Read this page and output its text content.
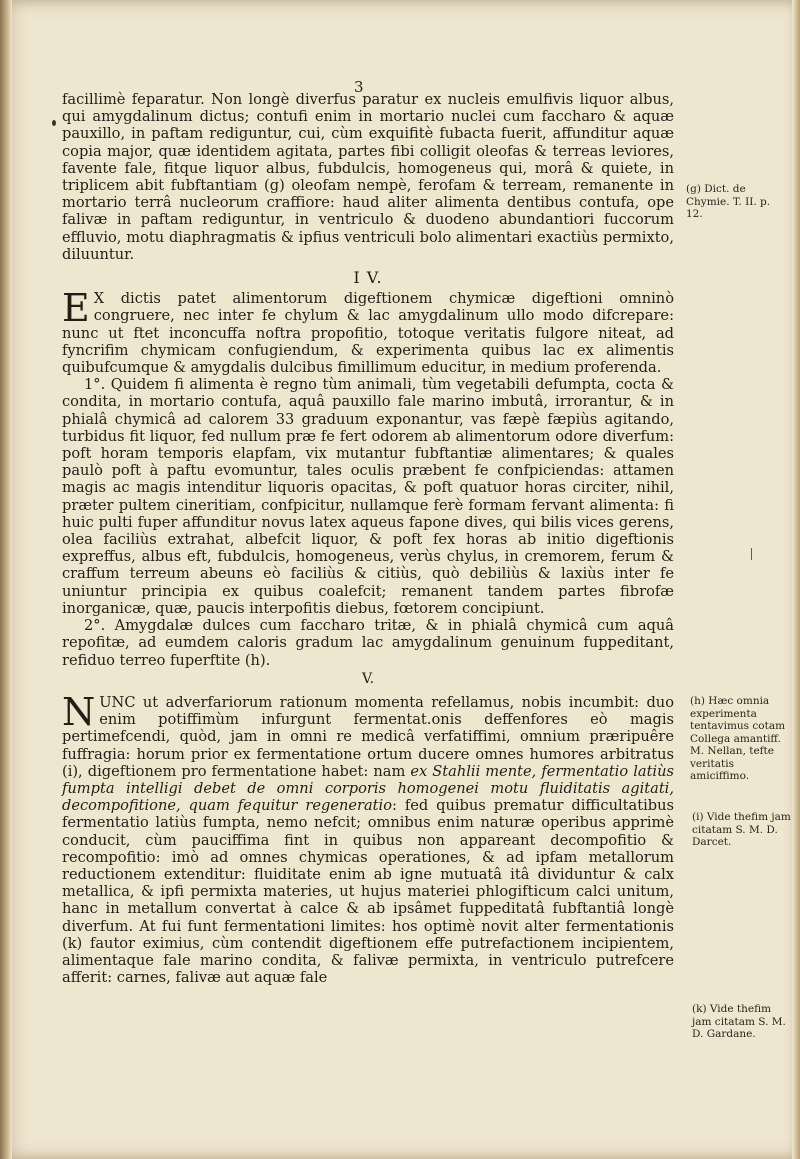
3

facillimè feparatur. Non longè diverfus paratur ex nucleis emulfivis liquor albus, qui amygdalinum dictus; contufi enim in mortario nuclei cum faccharo & aquæ pauxillo, in paftam rediguntur, cui, cùm exquifitè fubacta fuerit, affunditur aquæ copia major, quæ identidem agitata, partes fibi colligit oleofas & terreas leviores, favente fale, fitque liquor albus, fubdulcis, homogeneus qui, morâ & quiete, in triplicem abit fubftantiam (g) oleofam nempè, ferofam & terream, remanente in mortario terrâ nucleorum craffiore: haud aliter alimenta dentibus contufa, ope falivæ in paftam rediguntur, in ventriculo & duodeno abundantiori fuccorum effluvio, motu diaphragmatis & ipfius ventriculi bolo alimentari exactiùs permixto, diluuntur.

I V.

E X dictis patet alimentorum digeftionem chymicæ digeftioni omninò congruere, nec inter fe chylum & lac amygdalinum ullo modo difcrepare: nunc ut ftet inconcuffa noftra propofitio, totoque veritatis fulgore niteat, ad fyncrifim chymicam confugiendum, & experimenta quibus lac ex alimentis quibufcumque & amygdalis dulcibus fimillimum educitur, in medium proferenda.

1°. Quidem fi alimenta è regno tùm animali, tùm vegetabili defumpta, cocta & condita, in mortario contufa, aquâ pauxillo fale marino imbutâ, irrorantur, & in phialâ chymicâ ad calorem 33 graduum exponantur, vas fæpè fæpiùs agitando, turbidus fit liquor, fed nullum præ fe fert odorem ab alimentorum odore diverfum: poft horam temporis elapfam, vix mutantur fubftantiæ alimentares; & quales paulò poft à paftu evomuntur, tales oculis præbent fe confpiciendas: attamen magis ac magis intenditur liquoris opacitas, & poft quatuor horas circiter, nihil, præter pultem cineritiam, confpicitur, nullamque ferè formam fervant alimenta: fi huic pulti fuper affunditur novus latex aqueus fapone dives, qui bilis vices gerens, olea faciliùs extrahat, albefcit liquor, & poft fex horas ab initio digeftionis expreffus, albus eft, fubdulcis, homogeneus, verùs chylus, in cremorem, ferum & craffum terreum abeuns eò faciliùs & citiùs, quò debiliùs & laxiùs inter fe uniuntur principia ex quibus coalefcit; remanent tandem partes fibrofæ inorganicæ, quæ, paucis interpofitis diebus, fœtorem concipiunt.

2°. Amygdalæ dulces cum faccharo tritæ, & in phialâ chymicâ cum aquâ repofitæ, ad eumdem caloris gradum lac amygdalinum genuinum fuppeditant, refiduo terreo fuperftite (h).

V.

N UNC ut adverfariorum rationum momenta refellamus, nobis incumbit: duo enim potiffimùm infurgunt fermentat.onis deffenfores eò magis pertimefcendi, quòd, jam in omni re medicâ verfatiffimi, omnium præripuêre fuffragia: horum prior ex fermentatione ortum ducere omnes humores arbitratus (i), digeftionem pro fermentatione habet: nam ex Stahlii mente, fermentatio latiùs fumpta intelligi debet de omni corporis homogenei motu fluiditatis agitati, decompofitione, quam fequitur regeneratio: fed quibus prematur difficultatibus fermentatio latiùs fumpta, nemo nefcit; omnibus enim naturæ operibus apprimè conducit, cùm pauciffima fint in quibus non appareant decompofitio & recompofitio: imò ad omnes chymicas operationes, & ad ipfam metallorum reductionem extenditur: fluiditate enim ab igne mutuatâ itâ dividuntur & calx metallica, & ipfi permixta materies, ut hujus materiei phlogifticum calci unitum, hanc in metallum convertat à calce & ab ipsâmet fuppeditatâ fubftantiâ longè diverfum. At fui funt fermentationi limites: hos optimè novit alter fermentationis (k) fautor eximius, cùm contendit digeftionem effe putrefactionem incipientem, alimentaque fale marino condita, & falivæ permixta, in ventriculo putrefcere afferit: carnes, falivæ aut aquæ fale

(g) Dict. de Chymie. T. II. p. 12.
(h) Hæc omnia experimenta tentavimus cotam Collega amantiff. M. Nellan, tefte veritatis amiciffimo.
(i) Vide thefim jam citatam S. M. D. Darcet.
(k) Vide thefim jam citatam S. M. D. Gardane.
